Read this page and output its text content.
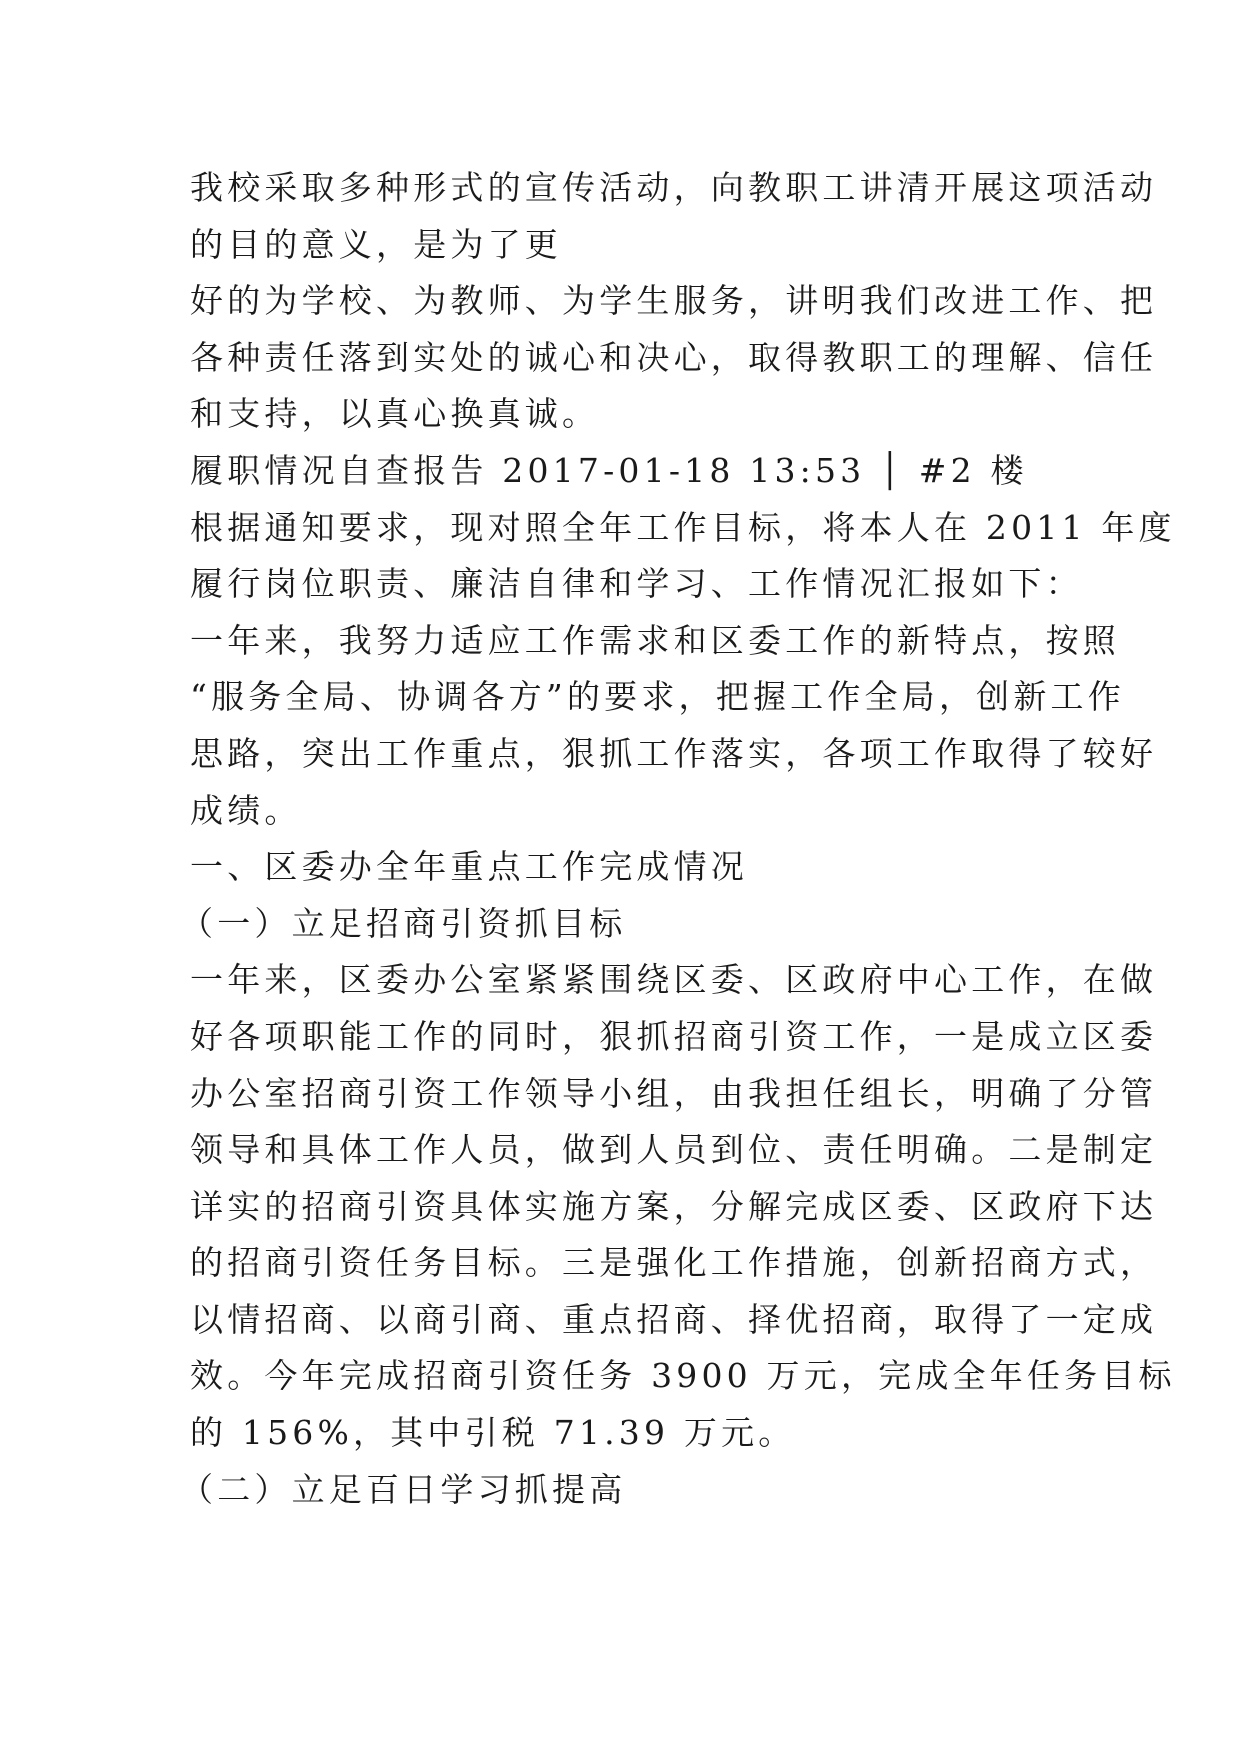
我校采取多种形式的宣传活动，向教职工讲清开展这项活动
的目的意义，是为了更
好的为学校、为教师、为学生服务，讲明我们改进工作、把
各种责任落到实处的诚心和决心，取得教职工的理解、信任
和支持，以真心换真诚。
履职情况自查报告 2017-01-18 13:53 │ #2 楼
根据通知要求，现对照全年工作目标，将本人在 2011 年度
履行岗位职责、廉洁自律和学习、工作情况汇报如下：
一年来，我努力适应工作需求和区委工作的新特点，按照
“服务全局、协调各方”的要求，把握工作全局，创新工作
思路，突出工作重点，狠抓工作落实，各项工作取得了较好
成绩。
一、区委办全年重点工作完成情况
（一）立足招商引资抓目标
一年来，区委办公室紧紧围绕区委、区政府中心工作，在做
好各项职能工作的同时，狠抓招商引资工作，一是成立区委
办公室招商引资工作领导小组，由我担任组长，明确了分管
领导和具体工作人员，做到人员到位、责任明确。二是制定
详实的招商引资具体实施方案，分解完成区委、区政府下达
的招商引资任务目标。三是强化工作措施，创新招商方式，
以情招商、以商引商、重点招商、择优招商，取得了一定成
效。今年完成招商引资任务 3900 万元，完成全年任务目标
的 156%，其中引税 71.39 万元。
（二）立足百日学习抓提高
